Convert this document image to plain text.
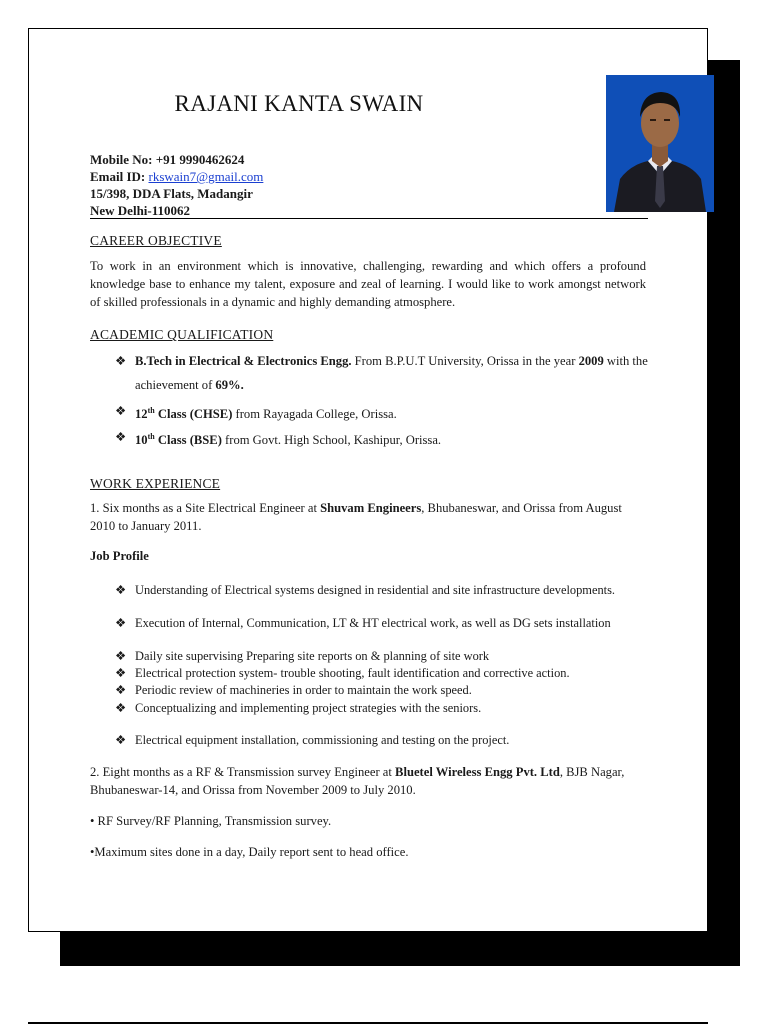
RAJANI KANTA SWAIN
Mobile No: +91 9990462624
Email ID: rkswain7@gmail.com
15/398, DDA Flats, Madangir
New Delhi-110062
CAREER OBJECTIVE
To work in an environment which is innovative, challenging, rewarding and which offers a profound knowledge base to enhance my talent, exposure and zeal of learning. I would like to work amongst network of skilled professionals in a dynamic and highly demanding atmosphere.
ACADEMIC QUALIFICATION
❖ B.Tech in Electrical & Electronics Engg. From B.P.U.T University, Orissa in the year 2009 with the achievement of 69%.
❖ 12th Class (CHSE) from Rayagada College, Orissa.
❖ 10th Class (BSE) from Govt. High School, Kashipur, Orissa.
WORK EXPERIENCE
1. Six months as a Site Electrical Engineer at Shuvam Engineers, Bhubaneswar, and Orissa from August 2010 to January 2011.
Job Profile
❖ Understanding of Electrical systems designed in residential and site infrastructure developments.
❖ Execution of Internal, Communication, LT & HT electrical work, as well as DG sets installation
❖ Daily site supervising Preparing site reports on & planning of site work
❖ Electrical protection system- trouble shooting, fault identification and corrective action.
❖ Periodic review of machineries in order to maintain the work speed.
❖ Conceptualizing and implementing project strategies with the seniors.
❖ Electrical equipment installation, commissioning and testing on the project.
2. Eight months as a RF & Transmission survey Engineer at Bluetel Wireless Engg Pvt. Ltd, BJB Nagar, Bhubaneswar-14, and Orissa from November 2009 to July 2010.
• RF Survey/RF Planning, Transmission survey.
•Maximum sites done in a day, Daily report sent to head office.
